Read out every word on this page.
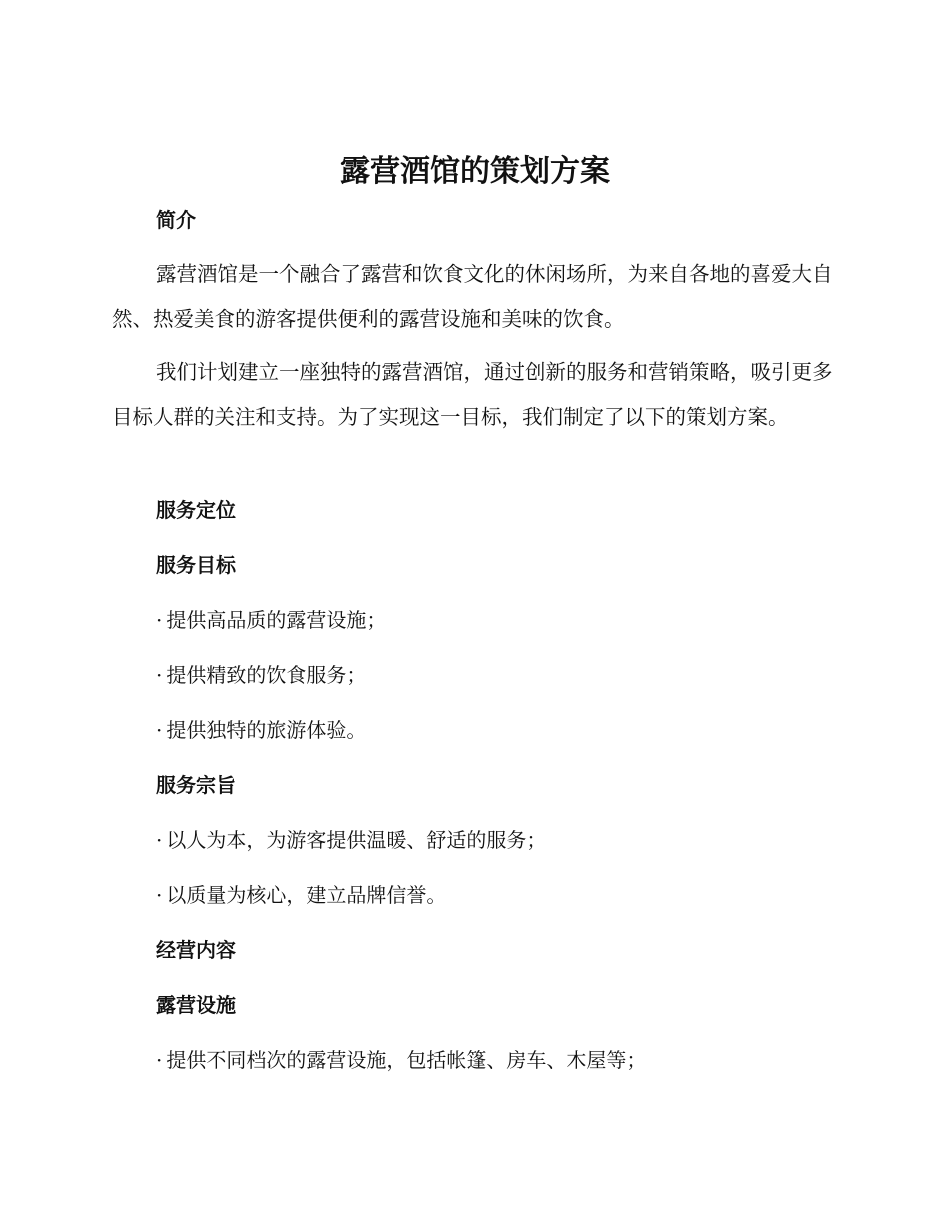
露营酒馆的策划方案
简介

露营酒馆是一个融合了露营和饮食文化的休闲场所，为来自各地的喜爱大自然、热爱美食的游客提供便利的露营设施和美味的饮食。

我们计划建立一座独特的露营酒馆，通过创新的服务和营销策略，吸引更多目标人群的关注和支持。为了实现这一目标，我们制定了以下的策划方案。

服务定位
服务目标

· 提供高品质的露营设施；

· 提供精致的饮食服务；

· 提供独特的旅游体验。

服务宗旨

· 以人为本，为游客提供温暖、舒适的服务；

· 以质量为核心，建立品牌信誉。

经营内容
露营设施

· 提供不同档次的露营设施，包括帐篷、房车、木屋等；
